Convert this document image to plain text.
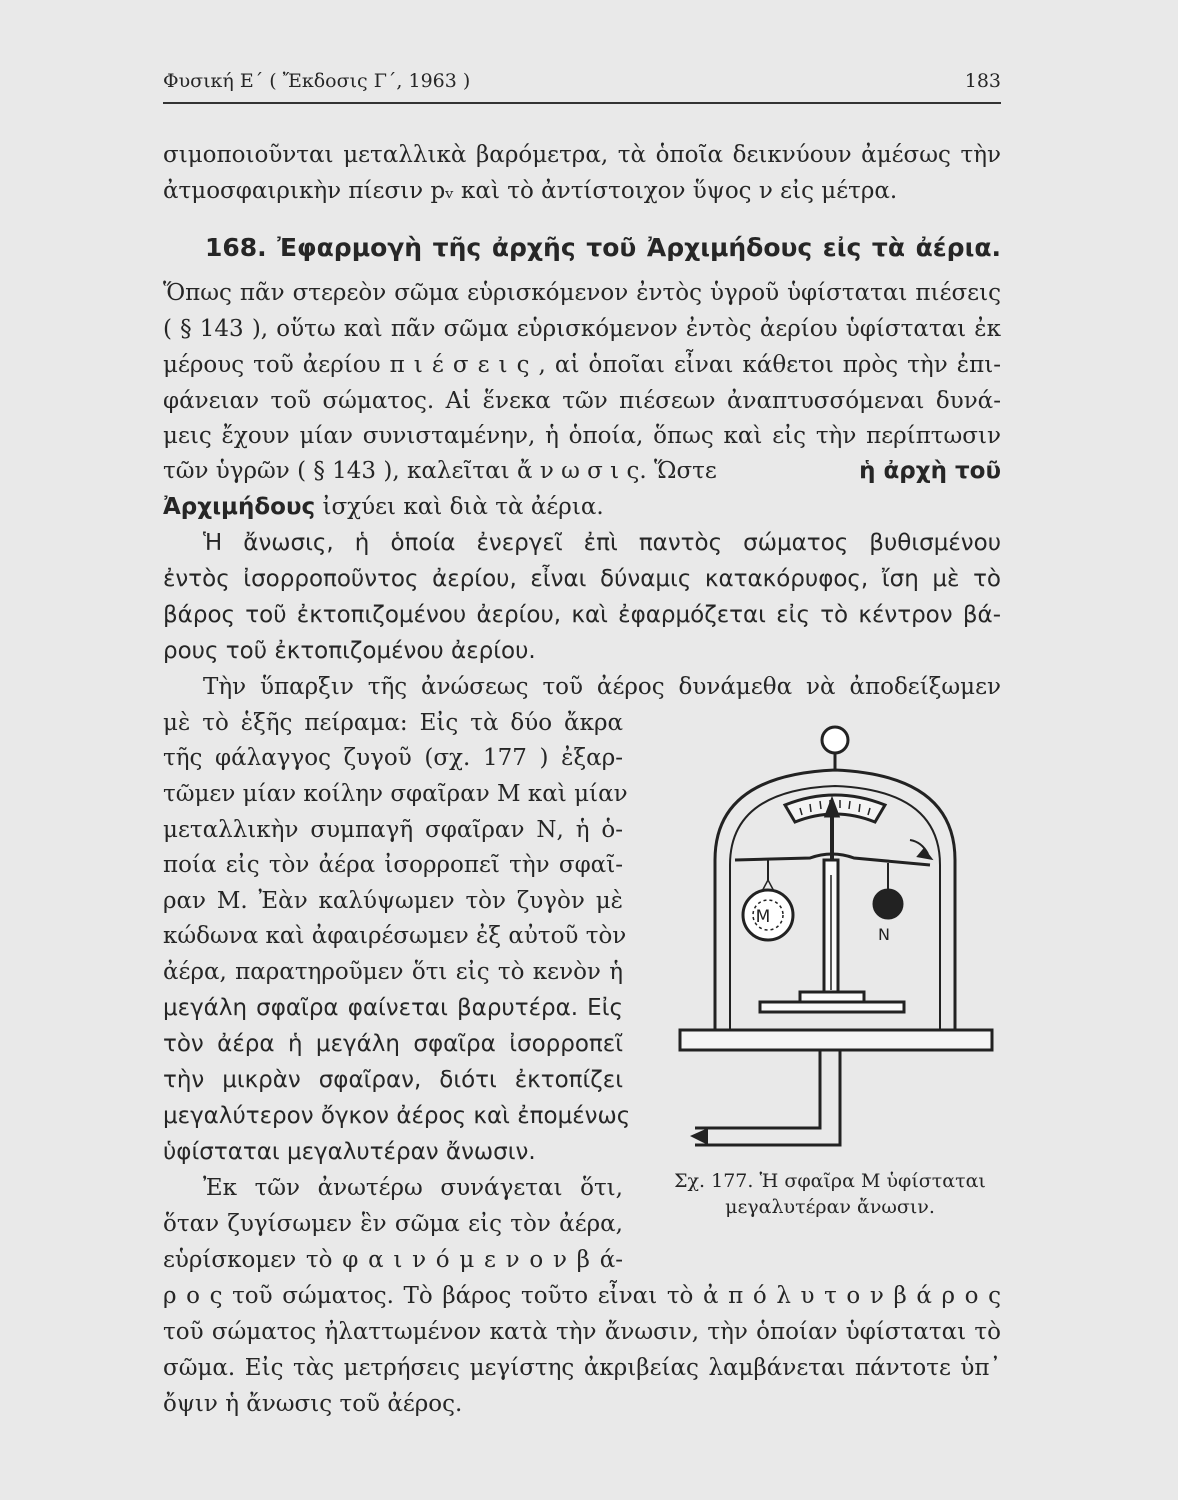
Φυσική Ε΄ ( Ἔκδοσις Γ΄, 1963 )	183
σιμοποιοῦνται μεταλλικὰ βαρόμετρα, τὰ ὁποῖα δεικνύουν ἀμέσως τὴν
ἀτμοσφαιρικὴν πίεσιν pᵥ καὶ τὸ ἀντίστοιχον ὕψος ν εἰς μέτρα.
168. Ἐφαρμογὴ τῆς ἀρχῆς τοῦ Ἀρχιμήδους εἰς τὰ ἀέρια.
Ὅπως πᾶν στερεὸν σῶμα εὑρισκόμενον ἐντὸς ὑγροῦ ὑφίσταται πιέσεις
( § 143 ), οὕτω καὶ πᾶν σῶμα εὑρισκόμενον ἐντὸς ἀερίου ὑφίσταται ἐκ
μέρους τοῦ ἀερίου π ι έ σ ε ι ς , αἱ ὁποῖαι εἶναι κάθετοι πρὸς τὴν ἐπι-
φάνειαν τοῦ σώματος. Αἱ ἕνεκα τῶν πιέσεων ἀναπτυσσόμεναι δυνά-
μεις ἔχουν μίαν συνισταμένην, ἡ ὁποία, ὅπως καὶ εἰς τὴν περίπτωσιν
τῶν ὑγρῶν ( § 143 ), καλεῖται ἄ ν ω σ ι ς. Ὥστε	ἡ ἀρχὴ τοῦ
Ἀρχιμήδους ἰσχύει καὶ διὰ τὰ ἀέρια.
Ἡ ἄνωσις, ἡ ὁποία ἐνεργεῖ ἐπὶ παντὸς σώματος βυθισμένου
ἐντὸς ἰσορροποῦντος ἀερίου, εἶναι δύναμις κατακόρυφος, ἴση μὲ τὸ
βάρος τοῦ ἐκτοπιζομένου ἀερίου, καὶ ἐφαρμόζεται εἰς τὸ κέντρον βά-
ρους τοῦ ἐκτοπιζομένου ἀερίου.
Τὴν ὕπαρξιν τῆς ἀνώσεως τοῦ ἀέρος δυνάμεθα νὰ ἀποδείξωμεν
μὲ τὸ ἑξῆς πείραμα: Εἰς τὰ δύο ἄκρα
τῆς φάλαγγος ζυγοῦ (σχ. 177 ) ἐξαρ-
τῶμεν μίαν κοίλην σφαῖραν Μ καὶ μίαν
μεταλλικὴν συμπαγῆ σφαῖραν Ν, ἡ ὁ-
ποία εἰς τὸν ἀέρα ἰσορροπεῖ τὴν σφαῖ-
ραν Μ. Ἐὰν καλύψωμεν τὸν ζυγὸν μὲ
κώδωνα καὶ ἀφαιρέσωμεν ἐξ αὐτοῦ τὸν
ἀέρα, παρατηροῦμεν ὅτι εἰς τὸ κενὸν ἡ
μεγάλη σφαῖρα φαίνεται βαρυτέρα. Εἰς
τὸν ἀέρα ἡ μεγάλη σφαῖρα ἰσορροπεῖ
τὴν μικρὰν σφαῖραν, διότι ἐκτοπίζει
μεγαλύτερον ὄγκον ἀέρος καὶ ἐπομένως
ὑφίσταται μεγαλυτέραν ἄνωσιν.
Ἐκ τῶν ἀνωτέρω συνάγεται ὅτι,
ὅταν ζυγίσωμεν ἓν σῶμα εἰς τὸν ἀέρα,
εὑρίσκομεν τὸ φ α ι ν ό μ ε ν ο ν β ά-
ρ ο ς τοῦ σώματος. Τὸ βάρος τοῦτο εἶναι τὸ ἀ π ό λ υ τ ο ν β ά ρ ο ς
τοῦ σώματος ἠλαττωμένον κατὰ τὴν ἄνωσιν, τὴν ὁποίαν ὑφίσταται τὸ
σῶμα. Εἰς τὰς μετρήσεις μεγίστης ἀκριβείας λαμβάνεται πάντοτε ὑπ᾽
ὄψιν ἡ ἄνωσις τοῦ ἀέρος.
M
N
Σχ. 177. Ἡ σφαῖρα Μ ὑφίσταται
μεγαλυτέραν ἄνωσιν.
